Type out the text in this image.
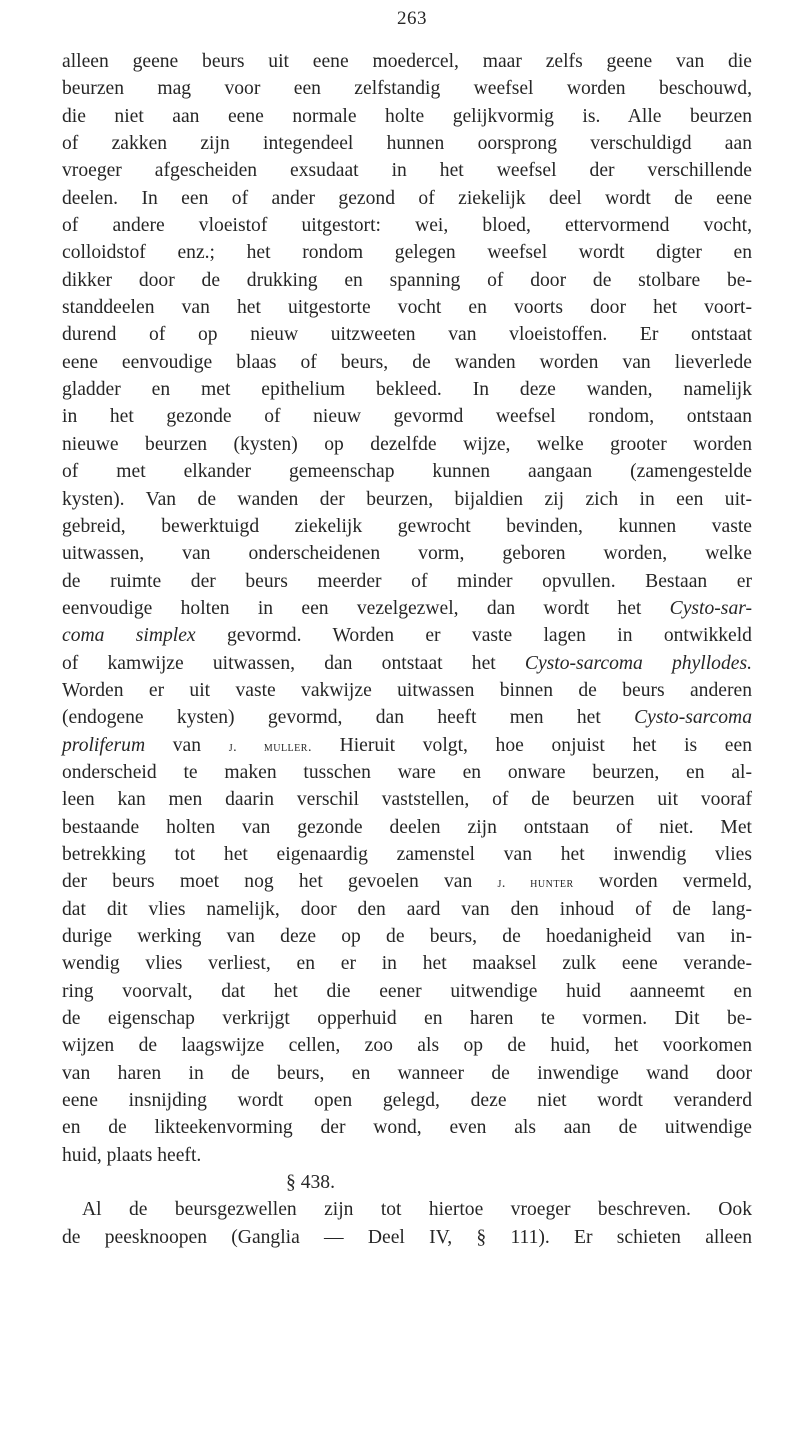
263
alleen geene beurs uit eene moedercel, maar zelfs geene van die
beurzen mag voor een zelfstandig weefsel worden beschouwd,
die niet aan eene normale holte gelijkvormig is. Alle beurzen
of zakken zijn integendeel hunnen oorsprong verschuldigd aan
vroeger afgescheiden exsudaat in het weefsel der verschillende
deelen. In een of ander gezond of ziekelijk deel wordt de eene
of andere vloeistof uitgestort: wei, bloed, ettervormend vocht,
colloidstof enz.; het rondom gelegen weefsel wordt digter en
dikker door de drukking en spanning of door de stolbare be-
standdeelen van het uitgestorte vocht en voorts door het voort-
durend of op nieuw uitzweeten van vloeistoffen. Er ontstaat
eene eenvoudige blaas of beurs, de wanden worden van lieverlede
gladder en met epithelium bekleed. In deze wanden, namelijk
in het gezonde of nieuw gevormd weefsel rondom, ontstaan
nieuwe beurzen (kysten) op dezelfde wijze, welke grooter worden
of met elkander gemeenschap kunnen aangaan (zamengestelde
kysten). Van de wanden der beurzen, bijaldien zij zich in een uit-
gebreid, bewerktuigd ziekelijk gewrocht bevinden, kunnen vaste
uitwassen, van onderscheidenen vorm, geboren worden, welke
de ruimte der beurs meerder of minder opvullen. Bestaan er
eenvoudige holten in een vezelgezwel, dan wordt het Cysto-sar-
coma simplex gevormd. Worden er vaste lagen in ontwikkeld
of kamwijze uitwassen, dan ontstaat het Cysto-sarcoma phyllodes.
Worden er uit vaste vakwijze uitwassen binnen de beurs anderen
(endogene kysten) gevormd, dan heeft men het Cysto-sarcoma
proliferum van j. muller. Hieruit volgt, hoe onjuist het is een
onderscheid te maken tusschen ware en onware beurzen, en al-
leen kan men daarin verschil vaststellen, of de beurzen uit vooraf
bestaande holten van gezonde deelen zijn ontstaan of niet. Met
betrekking tot het eigenaardig zamenstel van het inwendig vlies
der beurs moet nog het gevoelen van j. hunter worden vermeld,
dat dit vlies namelijk, door den aard van den inhoud of de lang-
durige werking van deze op de beurs, de hoedanigheid van in-
wendig vlies verliest, en er in het maaksel zulk eene verande-
ring voorvalt, dat het die eener uitwendige huid aanneemt en
de eigenschap verkrijgt opperhuid en haren te vormen. Dit be-
wijzen de laagswijze cellen, zoo als op de huid, het voorkomen
van haren in de beurs, en wanneer de inwendige wand door
eene insnijding wordt open gelegd, deze niet wordt veranderd
en de likteekenvorming der wond, even als aan de uitwendige
huid, plaats heeft.
§ 438.
Al de beursgezwellen zijn tot hiertoe vroeger beschreven. Ook
de peesknoopen (Ganglia — Deel IV, § 111). Er schieten alleen
